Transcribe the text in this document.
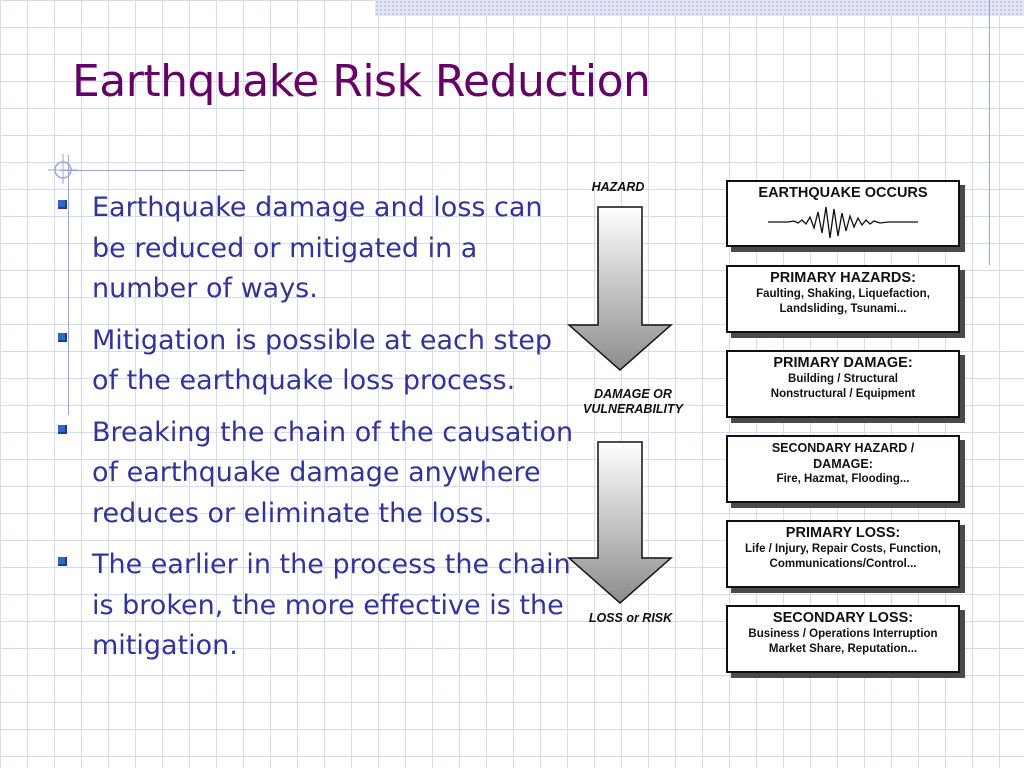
Earthquake Risk Reduction
Earthquake damage and loss can be reduced or mitigated in a number of ways.
Mitigation is possible at each step of the earthquake loss process.
Breaking the chain of the causation of earthquake damage anywhere reduces or eliminate the loss.
The earlier in the process the chain is broken, the more effective is the mitigation.
HAZARD
DAMAGE OR
VULNERABILITY
LOSS or RISK
EARTHQUAKE OCCURS
PRIMARY HAZARDS:
Faulting, Shaking, Liquefaction,
Landsliding, Tsunami...
PRIMARY DAMAGE:
Building / Structural
Nonstructural / Equipment
SECONDARY HAZARD /
DAMAGE:
Fire, Hazmat, Flooding...
PRIMARY LOSS:
Life / Injury, Repair Costs, Function,
Communications/Control...
SECONDARY LOSS:
Business / Operations Interruption
Market Share, Reputation...
